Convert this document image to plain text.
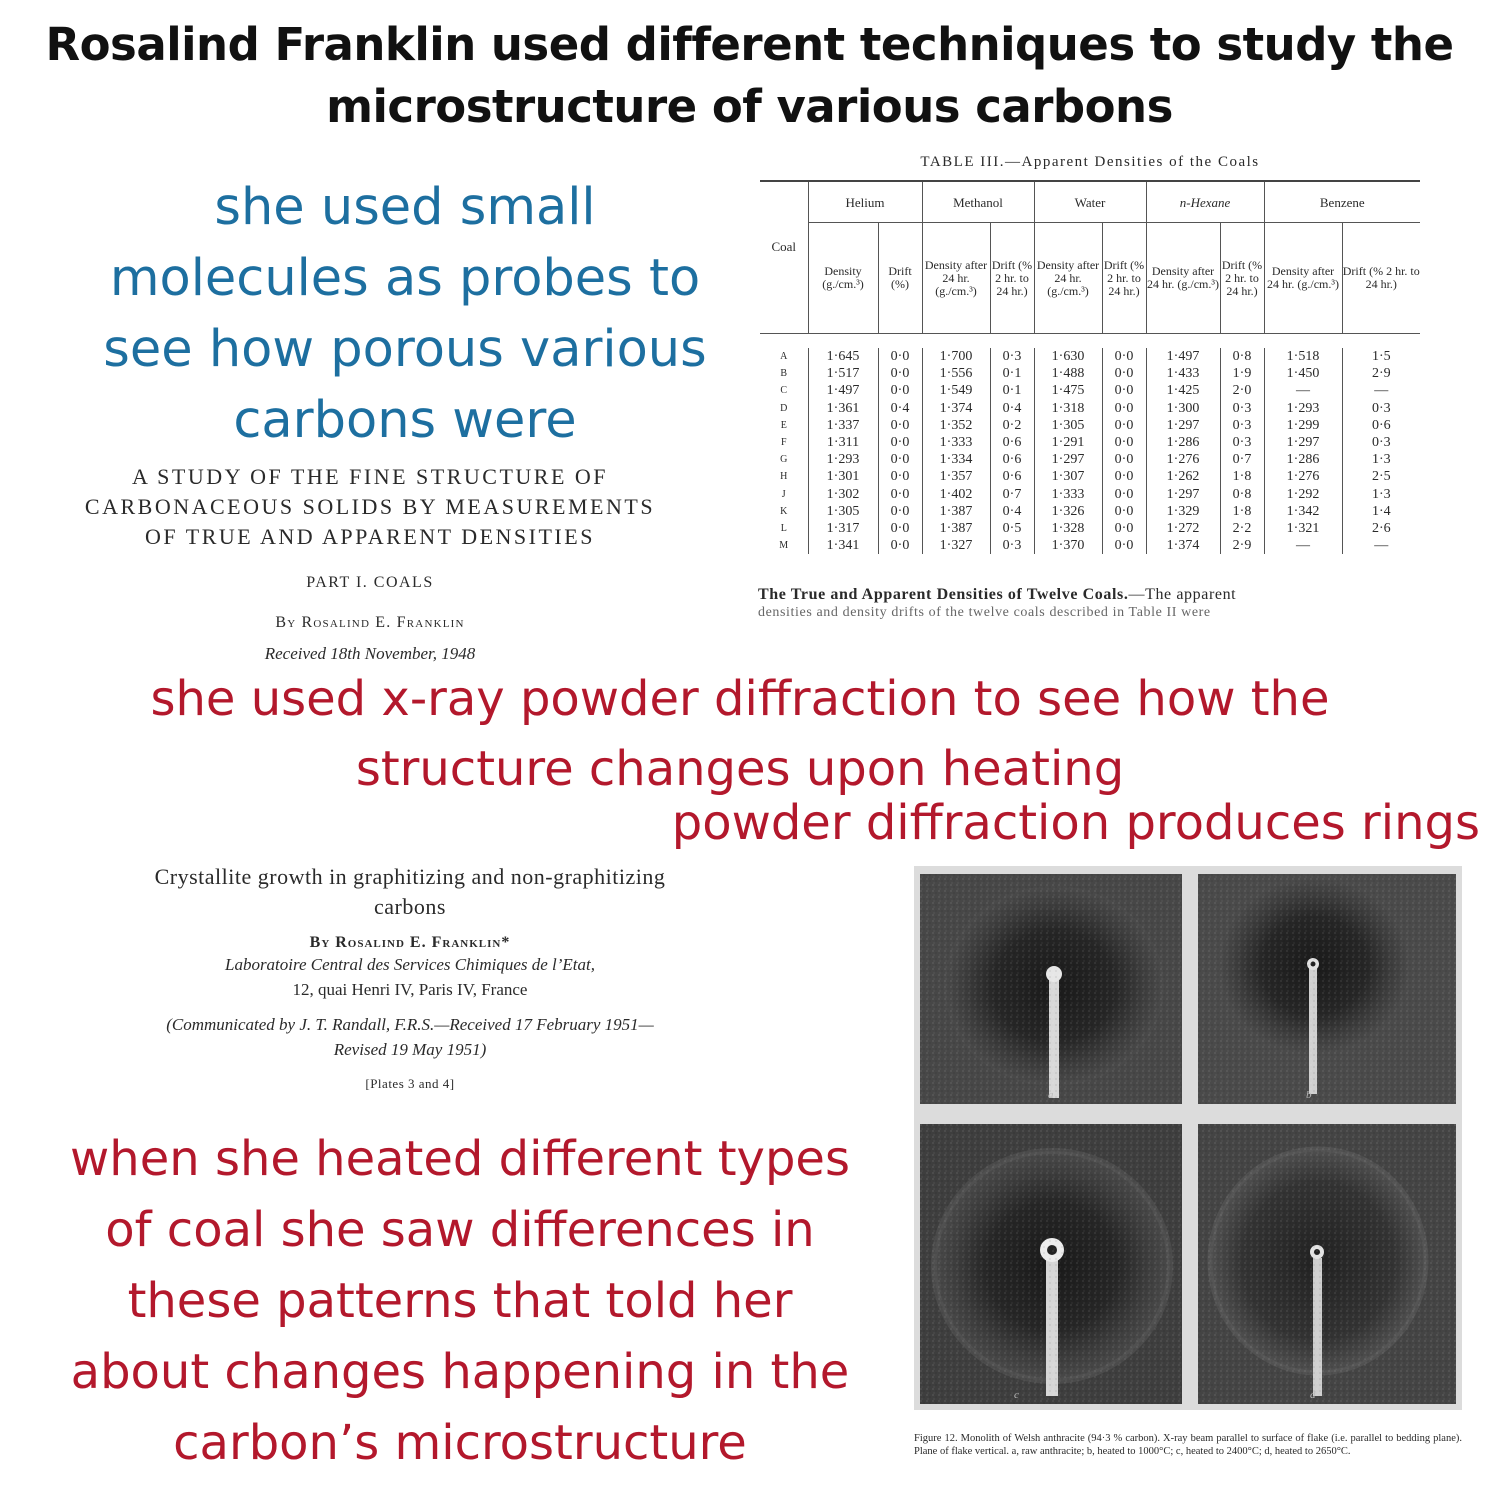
Rosalind Franklin used different techniques to study the
microstructure of various carbons
she used small
molecules as probes to
see how porous various
carbons were
A STUDY OF THE FINE STRUCTURE OF
CARBONACEOUS SOLIDS BY MEASUREMENTS
OF TRUE AND APPARENT DENSITIES
PART I. COALS
By Rosalind E. Franklin
Received 18th November, 1948
TABLE III.—Apparent Densities of the Coals
Coal	Helium		Methanol		Water		n-Hexane		Benzene	
	Density (g./cm.³)	Drift (%)	Density after 24 hr. (g./cm.³)	Drift (% 2 hr. to 24 hr.)	Density after 24 hr. (g./cm.³)	Drift (% 2 hr. to 24 hr.)	Density after 24 hr. (g./cm.³)	Drift (% 2 hr. to 24 hr.)	Density after 24 hr. (g./cm.³)	Drift (% 2 hr. to 24 hr.)

A	1·645	0·0	1·700	0·3	1·630	0·0	1·497	0·8	1·518	1·5
B	1·517	0·0	1·556	0·1	1·488	0·0	1·433	1·9	1·450	2·9
C	1·497	0·0	1·549	0·1	1·475	0·0	1·425	2·0	—	—
D	1·361	0·4	1·374	0·4	1·318	0·0	1·300	0·3	1·293	0·3
E	1·337	0·0	1·352	0·2	1·305	0·0	1·297	0·3	1·299	0·6
F	1·311	0·0	1·333	0·6	1·291	0·0	1·286	0·3	1·297	0·3
G	1·293	0·0	1·334	0·6	1·297	0·0	1·276	0·7	1·286	1·3
H	1·301	0·0	1·357	0·6	1·307	0·0	1·262	1·8	1·276	2·5
J	1·302	0·0	1·402	0·7	1·333	0·0	1·297	0·8	1·292	1·3
K	1·305	0·0	1·387	0·4	1·326	0·0	1·329	1·8	1·342	1·4
L	1·317	0·0	1·387	0·5	1·328	0·0	1·272	2·2	1·321	2·6
M	1·341	0·0	1·327	0·3	1·370	0·0	1·374	2·9	—	—
The True and Apparent Densities of Twelve Coals.—The apparent
densities and density drifts of the twelve coals described in Table II were
she used x-ray powder diffraction to see how the
structure changes upon heating
powder diffraction produces rings
Crystallite growth in graphitizing and non-graphitizing
carbons
By Rosalind E. Franklin*
Laboratoire Central des Services Chimiques de l’Etat,
12, quai Henri IV, Paris IV, France
(Communicated by J. T. Randall, F.R.S.—Received 17 February 1951—
Revised 19 May 1951)
[Plates 3 and 4]
when she heated different types
of coal she saw differences in
these patterns that told her
about changes happening in the
carbon’s microstructure
a	b
c	d
Figure 12. Monolith of Welsh anthracite (94·3 % carbon). X-ray beam parallel to surface of flake (i.e. parallel to bedding plane). Plane of flake vertical. a, raw anthracite; b, heated to 1000°C; c, heated to 2400°C; d, heated to 2650°C.
